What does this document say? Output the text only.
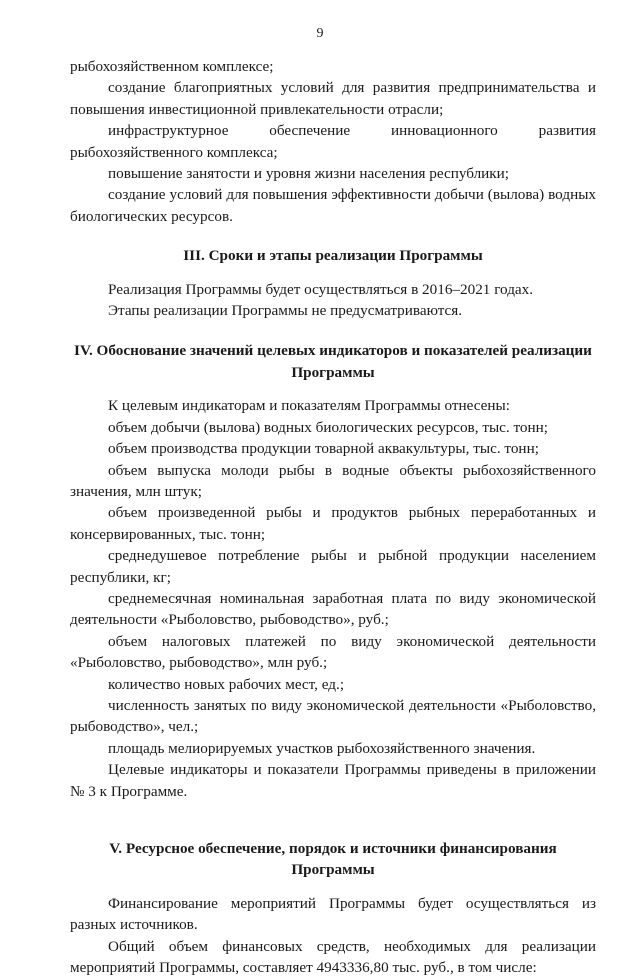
9

рыбохозяйственном комплексе;

создание благоприятных условий для развития предпринимательства и повышения инвестиционной привлекательности отрасли;

инфраструктурное обеспечение инновационного развития рыбохозяйственного комплекса;

повышение занятости и уровня жизни населения республики;

создание условий для повышения эффективности добычи (вылова) водных биологических ресурсов.

III. Сроки и этапы реализации Программы

Реализация Программы будет осуществляться в 2016–2021 годах.

Этапы реализации Программы не предусматриваются.

IV. Обоснование значений целевых индикаторов и показателей реализации Программы

К целевым индикаторам и показателям Программы отнесены:

объем добычи (вылова) водных биологических ресурсов, тыс. тонн;

объем производства продукции товарной аквакультуры, тыс. тонн;

объем выпуска молоди рыбы в водные объекты рыбохозяйственного значения, млн штук;

объем произведенной рыбы и продуктов рыбных переработанных и консервированных, тыс. тонн;

среднедушевое потребление рыбы и рыбной продукции населением республики, кг;

среднемесячная номинальная заработная плата по виду экономической деятельности «Рыболовство, рыбоводство», руб.;

объем налоговых платежей по виду экономической деятельности «Рыболовство, рыбоводство», млн руб.;

количество новых рабочих мест, ед.;

численность занятых по виду экономической деятельности «Рыболовство, рыбоводство», чел.;

площадь мелиорируемых участков рыбохозяйственного значения.

Целевые индикаторы и показатели Программы приведены в приложении № 3 к Программе.

V. Ресурсное обеспечение, порядок и источники финансирования Программы

Финансирование мероприятий Программы будет осуществляться из разных источников.

Общий объем финансовых средств, необходимых для реализации мероприятий Программы, составляет 4943336,80 тыс. руб., в том числе:
